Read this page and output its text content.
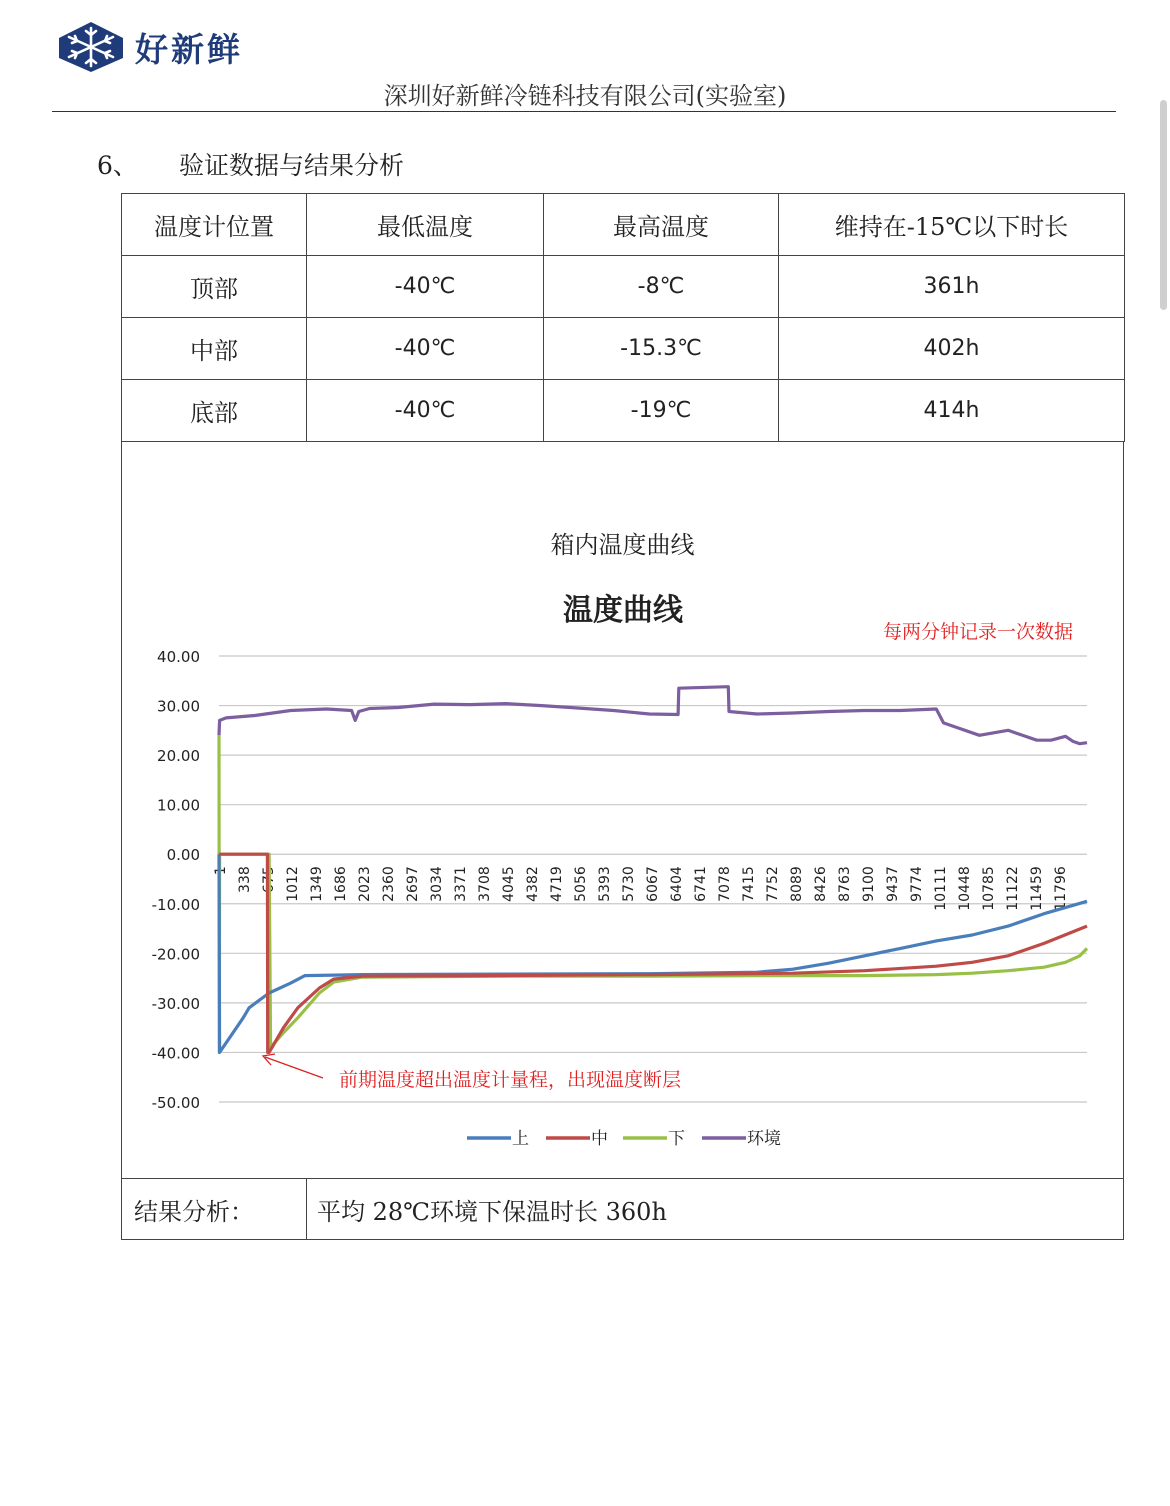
好新鲜
深圳好新鲜冷链科技有限公司(实验室)
6、 验证数据与结果分析
温度计位置	最低温度	最高温度	维持在-15℃以下时长
顶部	-40℃	-8℃	361h
中部	-40℃	-15.3℃	402h
底部	-40℃	-19℃	414h
箱内温度曲线
温度曲线
每两分钟记录一次数据
40.00
30.00
20.00
10.00
0.00
-10.00
-20.00
-30.00
-40.00
-50.00
1 338 675 1012 1349 1686 2023 2360 2697 3034 3371 3708 4045 4382 4719 5056 5393 5730 6067 6404 6741 7078 7415 7752 8089 8426 8763 9100 9437 9774 10111 10448 10785 11122 11459 11796
前期温度超出温度计量程，出现温度断层
上	中	下	环境
结果分析：	平均 28℃环境下保温时长 360h
